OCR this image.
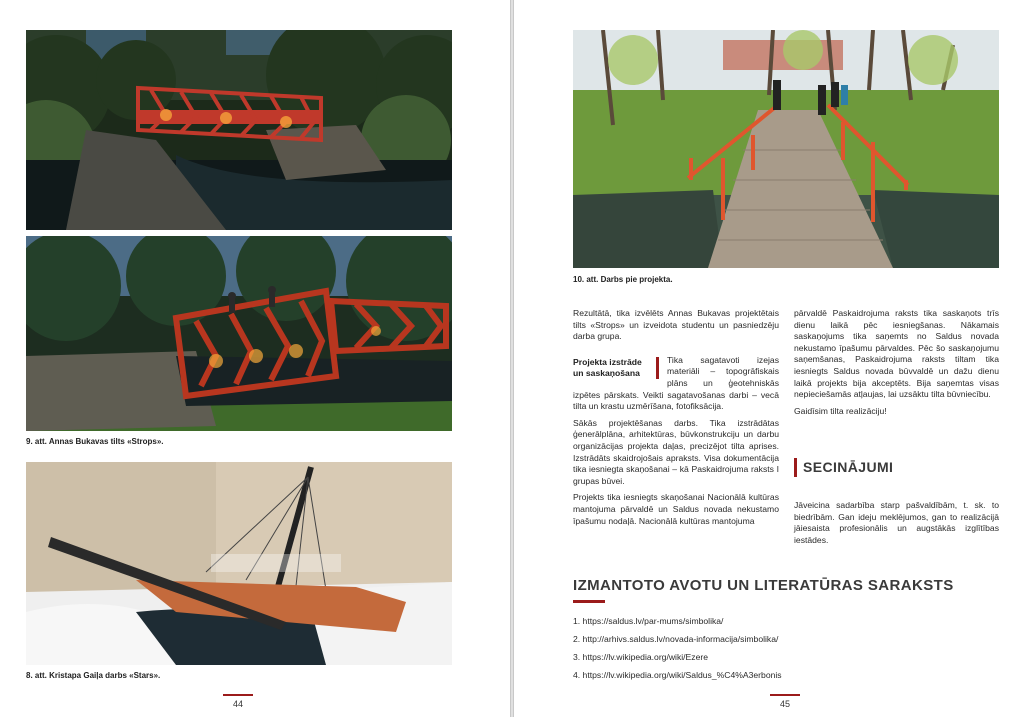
9. att. Annas Bukavas tilts «Strops».
8. att. Kristapa Gaiļa darbs «Stars».
44
10. att. Darbs pie projekta.

Rezultātā, tika izvēlēts Annas Bukavas projektētais tilts «Strops» un izveidota studentu un pasniedzēju darba grupa.

Projekta izstrāde un saskaņošana

Tika sagatavoti izejas materiāli – topogrāfiskais plāns un ģeotehniskās izpētes pārskats. Veikti sagatavošanas darbi – vecā tilta un krastu uzmērīšana, fotofiksācija.

Sākās projektēšanas darbs. Tika izstrādātas ģenerālplāna, arhitektūras, būvkonstrukciju un darbu organizācijas projekta daļas, precizējot tilta aprises. Izstrādāts skaidrojošais apraksts. Visa dokumentācija tika iesniegta skaņošanai – kā Paskaidrojuma raksts I grupas būvei.

Projekts tika iesniegts skaņošanai Nacionālā kultūras mantojuma pārvaldē un Saldus novada nekustamo īpašumu nodaļā. Nacionālā kultūras mantojuma

pārvaldē Paskaidrojuma raksts tika saskaņots trīs dienu laikā pēc iesniegšanas. Nākamais saskaņojums tika saņemts no Saldus novada nekustamo īpašumu pārvaldes. Pēc šo saskaņojumu saņemšanas, Paskaidrojuma raksts tiltam tika iesniegts Saldus novada būvvaldē un dažu dienu laikā projekts bija akceptēts. Bija saņemtas visas nepieciešamās atļaujas, lai uzsāktu tilta būvniecību.

Gaidīsim tilta realizāciju!

SECINĀJUMI
Jāveicina sadarbība starp pašvaldībām, t. sk. to biedrībām. Gan ideju meklējumos, gan to realizācijā jāiesaista profesionālis un augstākās izglītības iestādes.
IZMANTOTO AVOTU UN LITERATŪRAS SARAKSTS
1. https://saldus.lv/par-mums/simbolika/
2. http://arhivs.saldus.lv/novada-informacija/simbolika/
3. https://lv.wikipedia.org/wiki/Ezere
4. https://lv.wikipedia.org/wiki/Saldus_%C4%A3erbonis
45
